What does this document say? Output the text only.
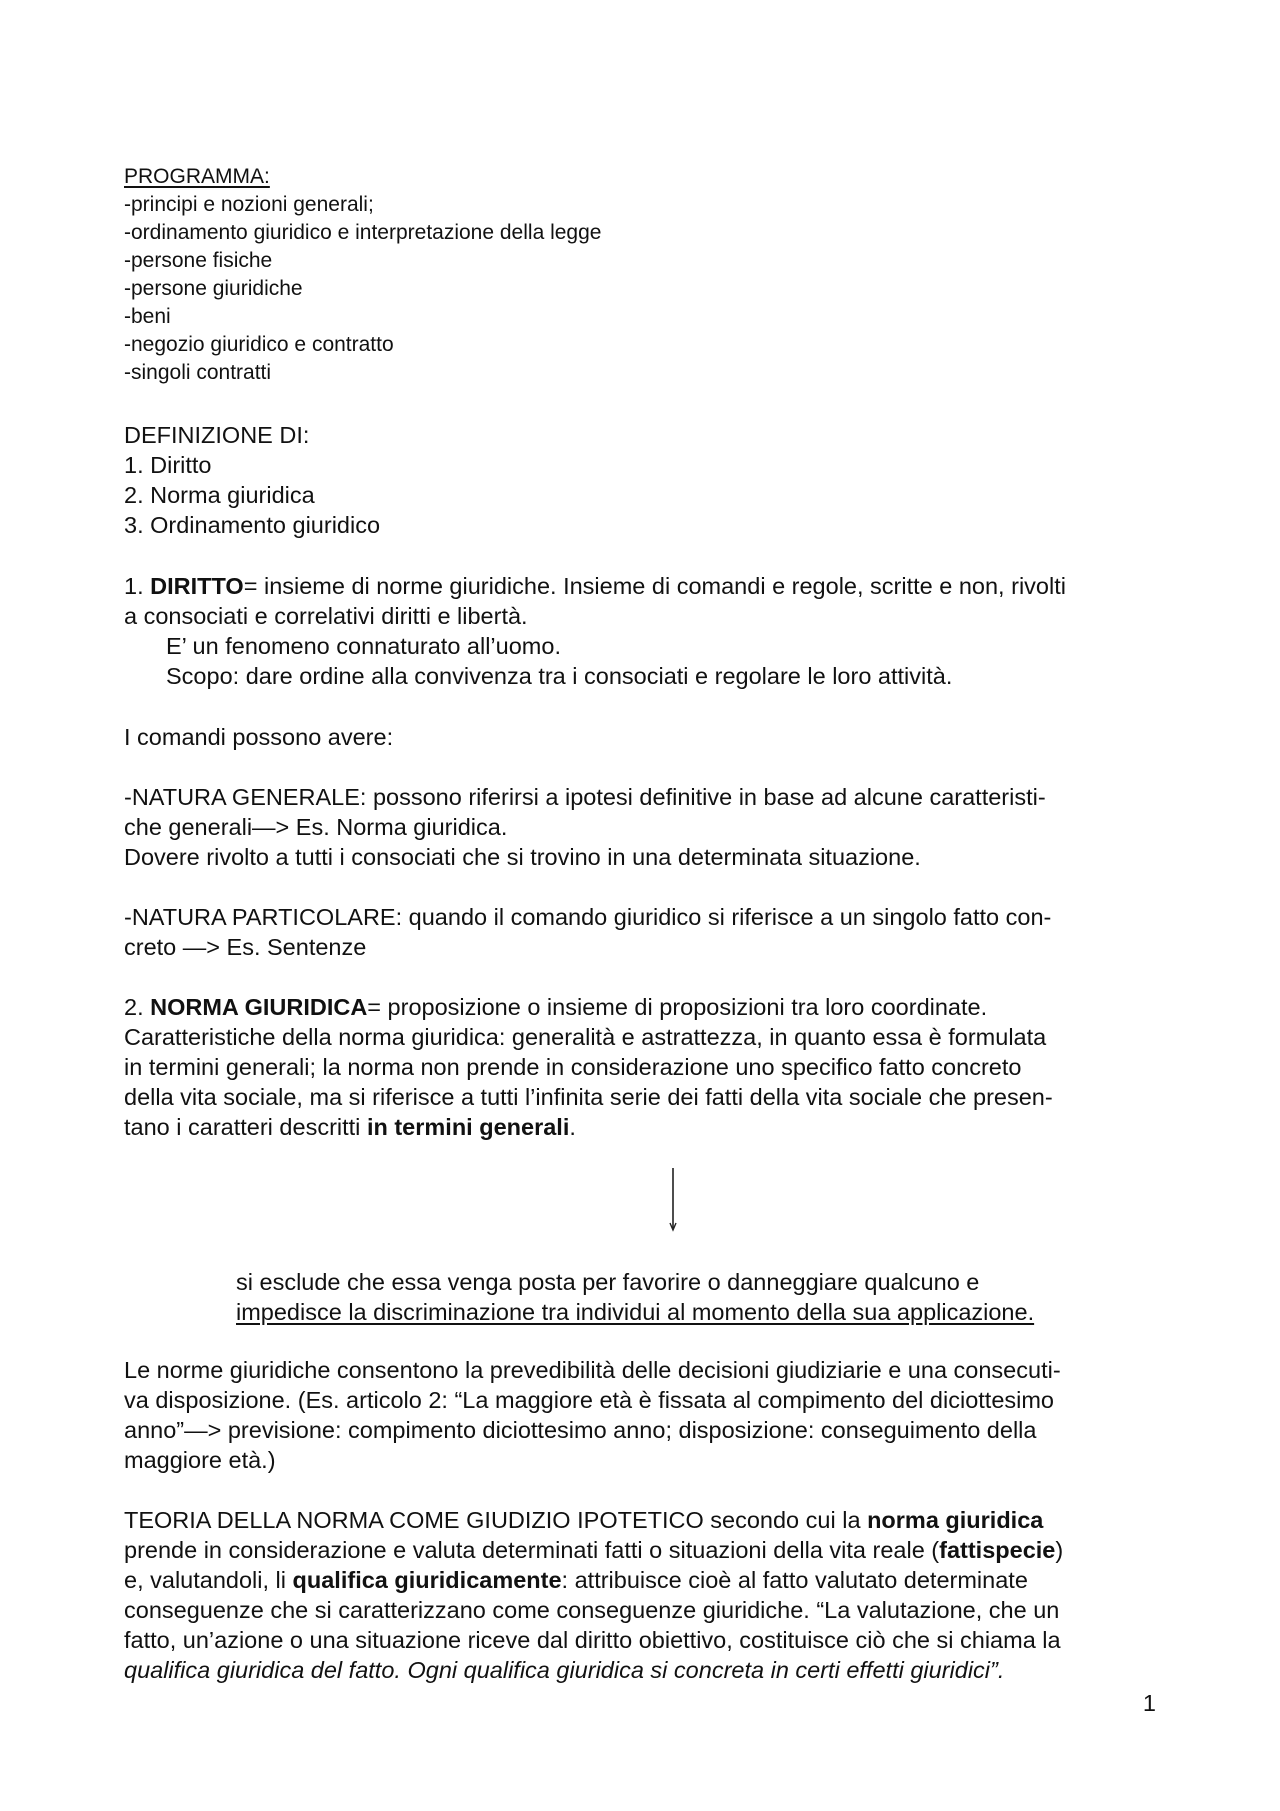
PROGRAMMA:
-principi e nozioni generali;
-ordinamento giuridico e interpretazione della legge
-persone fisiche
-persone giuridiche
-beni
-negozio giuridico e contratto
-singoli contratti
DEFINIZIONE DI:
1. Diritto
2. Norma giuridica
3. Ordinamento giuridico
1. DIRITTO= insieme di norme giuridiche. Insieme di comandi e regole, scritte e non, rivolti
a consociati e correlativi diritti e libertà.
E’ un fenomeno connaturato all’uomo.
Scopo: dare ordine alla convivenza tra i consociati e regolare le loro attività.
I comandi possono avere:
-NATURA GENERALE: possono riferirsi a ipotesi definitive in base ad alcune caratteristi-
che generali—> Es. Norma giuridica.
Dovere rivolto a tutti i consociati che si trovino in una determinata situazione.
-NATURA PARTICOLARE: quando il comando giuridico si riferisce a un singolo fatto con-
creto —> Es. Sentenze
2. NORMA GIURIDICA= proposizione o insieme di proposizioni tra loro coordinate.
Caratteristiche della norma giuridica: generalità e astrattezza, in quanto essa è formulata
in termini generali; la norma non prende in considerazione uno specifico fatto concreto
della vita sociale, ma si riferisce a tutti l’infinita serie dei fatti della vita sociale che presen-
tano i caratteri descritti in termini generali.
si esclude che essa venga posta per favorire o danneggiare qualcuno e
impedisce la discriminazione tra individui al momento della sua applicazione.
Le norme giuridiche consentono la prevedibilità delle decisioni giudiziarie e una consecuti-
va disposizione. (Es. articolo 2: “La maggiore età è fissata al compimento del diciottesimo
anno”—> previsione: compimento diciottesimo anno; disposizione: conseguimento della
maggiore età.)
TEORIA DELLA NORMA COME GIUDIZIO IPOTETICO secondo cui la norma giuridica
prende in considerazione e valuta determinati fatti o situazioni della vita reale (fattispecie)
e, valutandoli, li qualifica giuridicamente: attribuisce cioè al fatto valutato determinate
conseguenze che si caratterizzano come conseguenze giuridiche. “La valutazione, che un
fatto, un’azione o una situazione riceve dal diritto obiettivo, costituisce ciò che si chiama la
qualifica giuridica del fatto. Ogni qualifica giuridica si concreta in certi effetti giuridici”.
1
